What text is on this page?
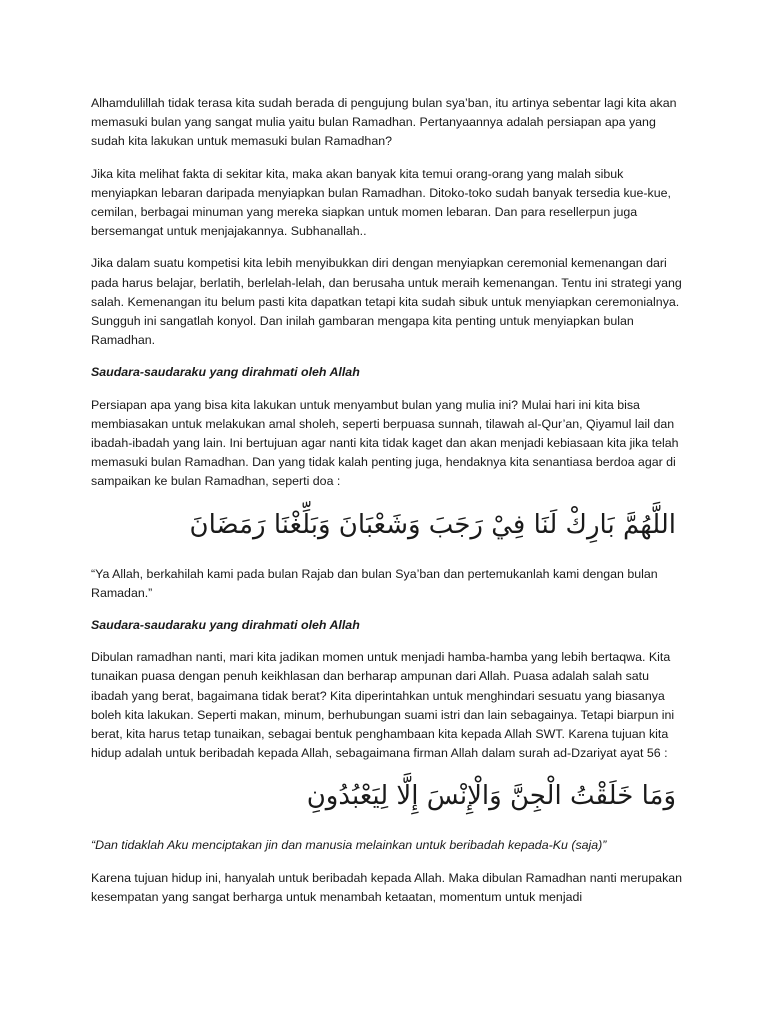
Alhamdulillah tidak terasa kita sudah berada di pengujung bulan sya’ban, itu artinya sebentar lagi kita akan memasuki bulan yang sangat mulia yaitu bulan Ramadhan. Pertanyaannya adalah persiapan apa yang sudah kita lakukan untuk memasuki bulan Ramadhan?

Jika kita melihat fakta di sekitar kita, maka akan banyak kita temui orang-orang yang malah sibuk menyiapkan lebaran daripada menyiapkan bulan Ramadhan. Ditoko-toko sudah banyak tersedia kue-kue, cemilan, berbagai minuman yang mereka siapkan untuk momen lebaran. Dan para resellerpun juga bersemangat untuk menjajakannya. Subhanallah..

Jika dalam suatu kompetisi kita lebih menyibukkan diri dengan menyiapkan ceremonial kemenangan dari pada harus belajar, berlatih, berlelah-lelah, dan berusaha untuk meraih kemenangan. Tentu ini strategi yang salah. Kemenangan itu belum pasti kita dapatkan tetapi kita sudah sibuk untuk menyiapkan ceremonialnya. Sungguh ini sangatlah konyol. Dan inilah gambaran mengapa kita penting untuk menyiapkan bulan Ramadhan.

Saudara-saudaraku yang dirahmati oleh Allah

Persiapan apa yang bisa kita lakukan untuk menyambut bulan yang mulia ini? Mulai hari ini kita bisa membiasakan untuk melakukan amal sholeh, seperti berpuasa sunnah, tilawah al-Qur’an, Qiyamul lail dan ibadah-ibadah yang lain. Ini bertujuan agar nanti kita tidak kaget dan akan menjadi kebiasaan kita jika telah memasuki bulan Ramadhan. Dan yang tidak kalah penting juga, hendaknya kita senantiasa berdoa agar di sampaikan ke bulan Ramadhan, seperti doa :

اللَّهُمَّ بَارِكْ لَنَا فِيْ رَجَبَ وَشَعْبَانَ وَبَلِّغْنَا رَمَضَانَ

“Ya Allah, berkahilah kami pada bulan Rajab dan bulan Sya’ban dan pertemukanlah kami dengan bulan Ramadan.”

Saudara-saudaraku yang dirahmati oleh Allah

Dibulan ramadhan nanti, mari kita jadikan momen untuk menjadi hamba-hamba yang lebih bertaqwa. Kita tunaikan puasa dengan penuh keikhlasan dan berharap ampunan dari Allah. Puasa adalah salah satu ibadah yang berat, bagaimana tidak berat? Kita diperintahkan untuk menghindari sesuatu yang biasanya boleh kita lakukan. Seperti makan, minum, berhubungan suami istri dan lain sebagainya. Tetapi biarpun ini berat, kita harus tetap tunaikan, sebagai bentuk penghambaan kita kepada Allah SWT. Karena tujuan kita hidup adalah untuk beribadah kepada Allah, sebagaimana firman Allah dalam surah ad-Dzariyat ayat 56 :

وَمَا خَلَقْتُ الْجِنَّ وَالْإِنْسَ إِلَّا لِيَعْبُدُونِ

“Dan tidaklah Aku menciptakan jin dan manusia melainkan untuk beribadah kepada-Ku (saja)”

Karena tujuan hidup ini, hanyalah untuk beribadah kepada Allah. Maka dibulan Ramadhan nanti merupakan kesempatan yang sangat berharga untuk menambah ketaatan, momentum untuk menjadi
